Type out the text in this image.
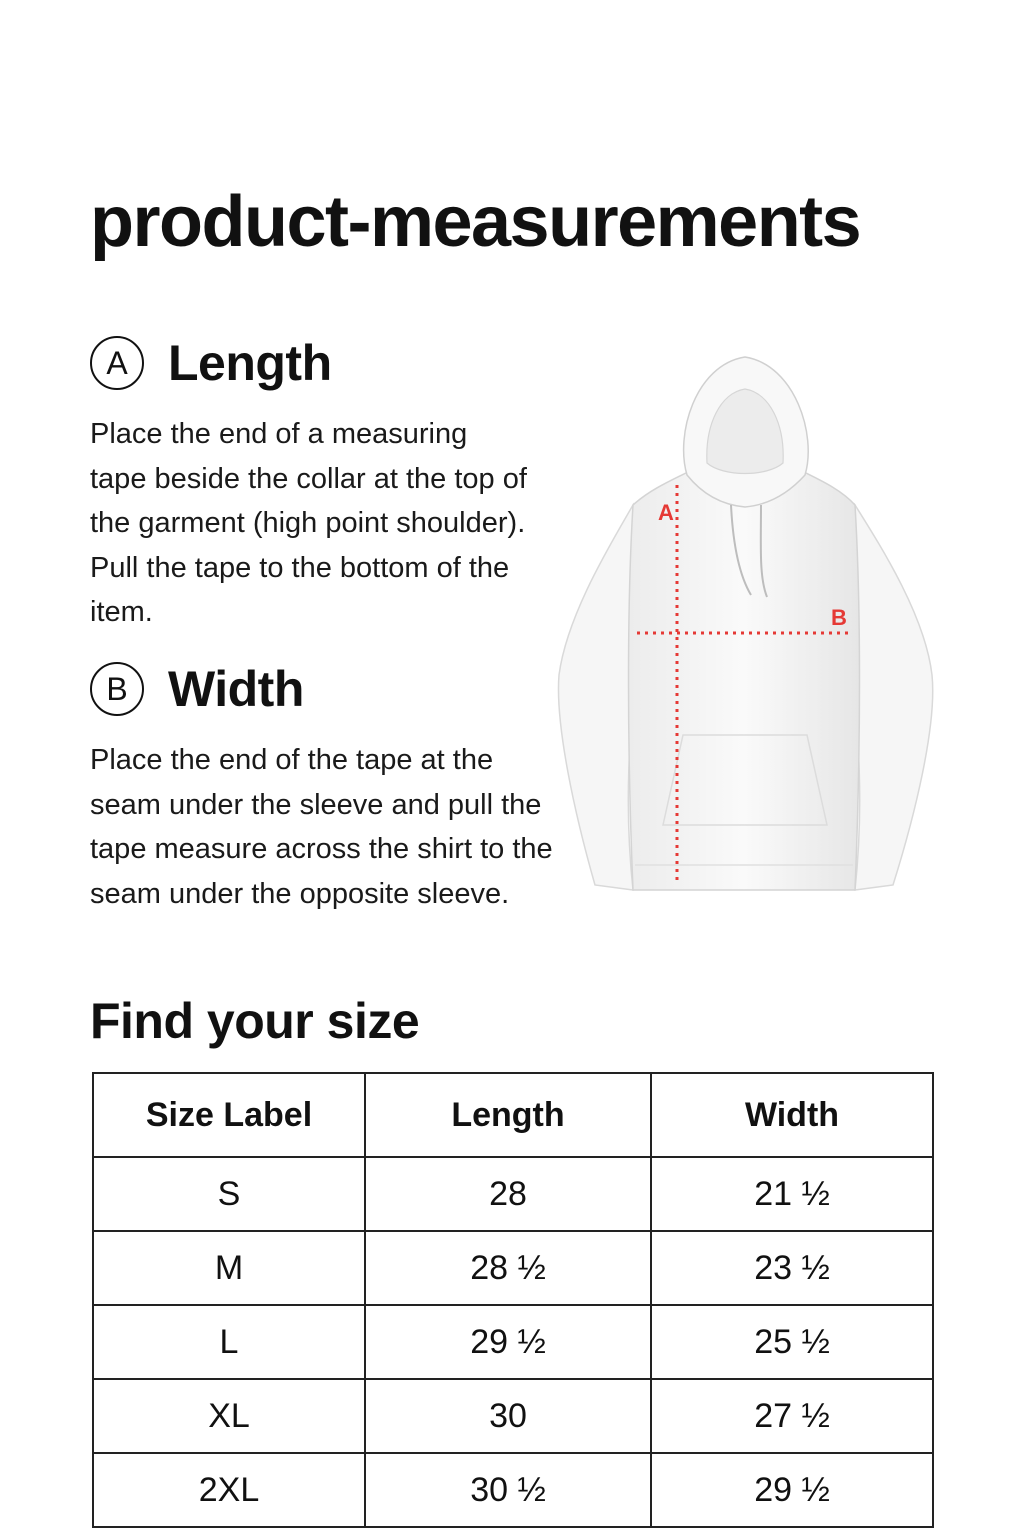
product-measurements
A Length

Place the end of a measuring tape beside the collar at the top of the garment (high point shoulder). Pull the tape to the bottom of the item.

B Width

Place the end of the tape at the seam under the sleeve and pull the tape measure across the shirt to the seam under the opposite sleeve.

A
B
Find your size
Size Label	Length	Width
S	28	21 ½
M	28 ½	23 ½
L	29 ½	25 ½
XL	30	27 ½
2XL	30 ½	29 ½
